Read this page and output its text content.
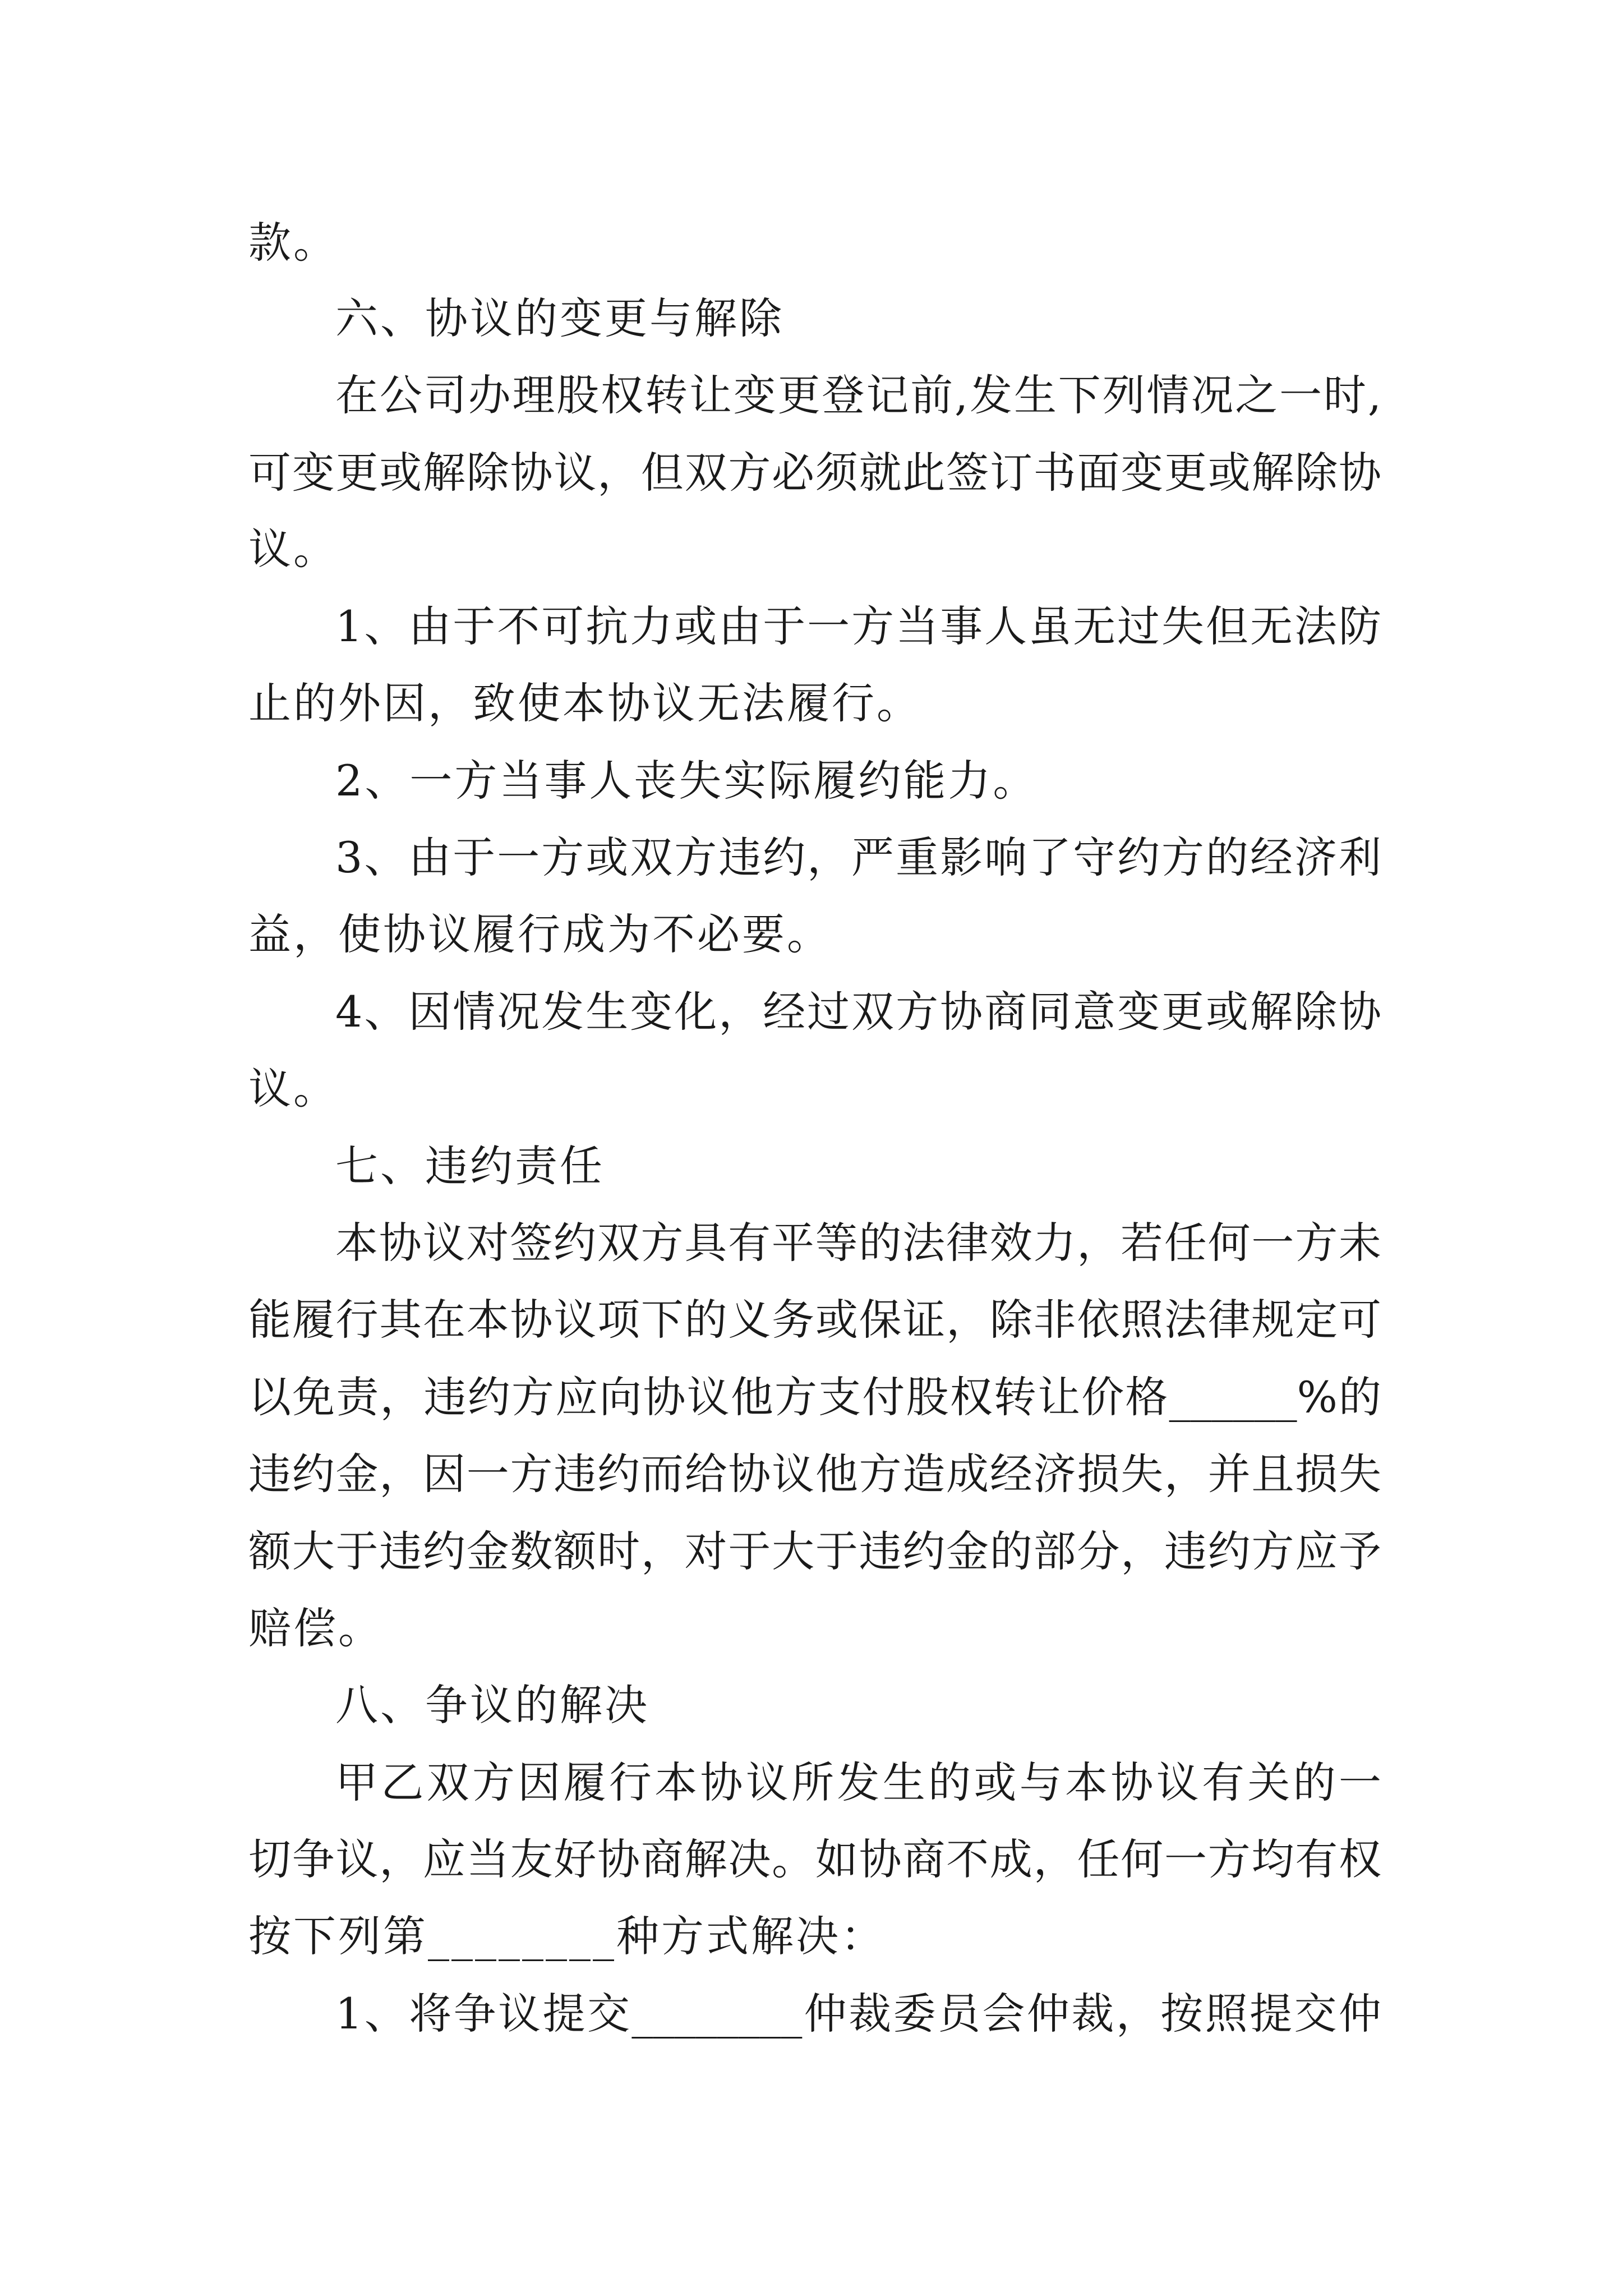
款。
六、协议的变更与解除
在公司办理股权转让变更登记前,发生下列情况之一时,
可变更或解除协议，但双方必须就此签订书面变更或解除协
议。
1、由于不可抗力或由于一方当事人虽无过失但无法防
止的外因，致使本协议无法履行。
2、一方当事人丧失实际履约能力。
3、由于一方或双方违约，严重影响了守约方的经济利
益，使协议履行成为不必要。
4、因情况发生变化，经过双方协商同意变更或解除协
议。
七、违约责任
本协议对签约双方具有平等的法律效力，若任何一方未
能履行其在本协议项下的义务或保证，除非依照法律规定可
以免责，违约方应向协议他方支付股权转让价格______%的
违约金，因一方违约而给协议他方造成经济损失，并且损失
额大于违约金数额时，对于大于违约金的部分，违约方应予
赔偿。
八、争议的解决
甲乙双方因履行本协议所发生的或与本协议有关的一
切争议，应当友好协商解决。如协商不成，任何一方均有权
按下列第________种方式解决：
1、将争议提交________仲裁委员会仲裁，按照提交仲
